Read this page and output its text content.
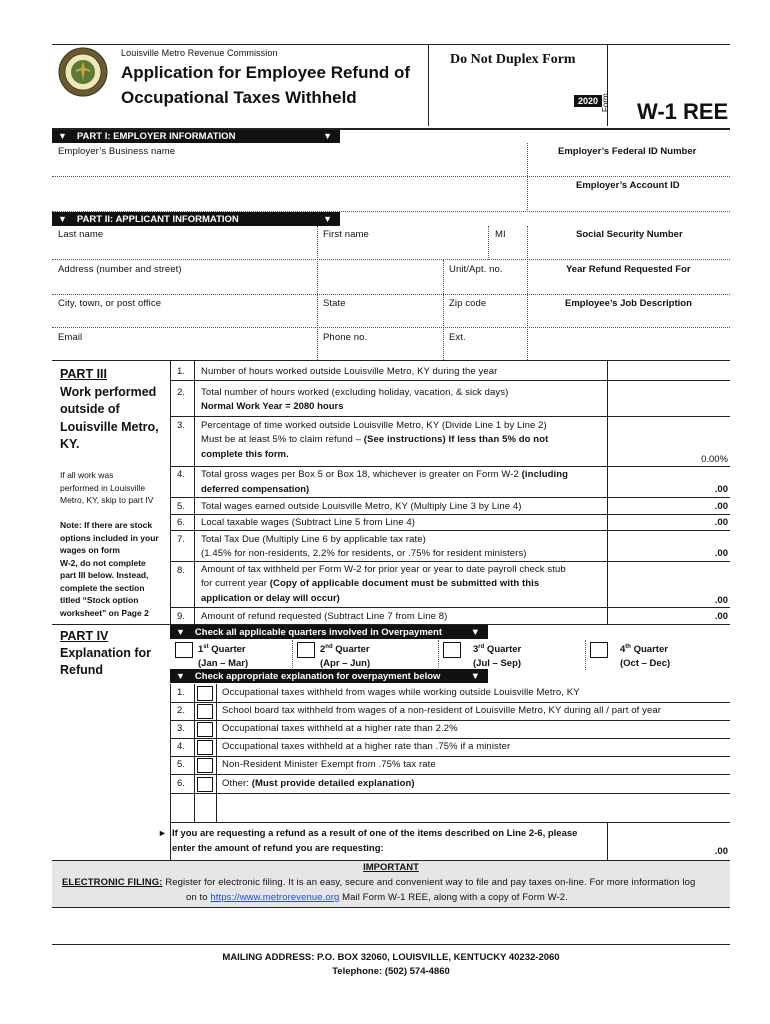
Louisville Metro Revenue Commission
Application for Employee Refund of
Occupational Taxes Withheld
Do Not Duplex Form
2020 Form W-1 REE
▼ PART I: EMPLOYER INFORMATION	▼
Employer’s Business name	Employer’s Federal ID Number
Employer’s Account ID
▼ PART II: APPLICANT INFORMATION	▼
Last name	First name	MI	Social Security Number
Address (number and street)	Unit/Apt. no.	Year Refund Requested For
City, town, or post office	State	Zip code	Employee’s Job Description
Email	Phone no.	Ext.
PART III
Work performed
outside of
Louisville Metro,
KY.
If all work was
performed in Louisville
Metro, KY, skip to part IV
Note: If there are stock
options included in your
wages on form
W-2, do not complete
part III below. Instead,
complete the section
titled “Stock option
worksheet” on Page 2
1. Number of hours worked outside Louisville Metro, KY during the year
2. Total number of hours worked (excluding holiday, vacation, & sick days)
Normal Work Year = 2080 hours
3. Percentage of time worked outside Louisville Metro, KY (Divide Line 1 by Line 2)
Must be at least 5% to claim refund – (See instructions) If less than 5% do not
complete this form.	0.00%
4. Total gross wages per Box 5 or Box 18, whichever is greater on Form W-2 (including
deferred compensation)	.00
5. Total wages earned outside Louisville Metro, KY (Multiply Line 3 by Line 4)	.00
6. Local taxable wages (Subtract Line 5 from Line 4)	.00
7. Total Tax Due (Multiply Line 6 by applicable tax rate)
(1.45% for non-residents, 2.2% for residents, or .75% for resident ministers)	.00
8. Amount of tax withheld per Form W-2 for prior year or year to date payroll check stub
for current year (Copy of applicable document must be submitted with this
application or delay will occur)	.00
9. Amount of refund requested (Subtract Line 7 from Line 8)	.00
PART IV
Explanation for
Refund
▼ Check all applicable quarters involved in Overpayment	▼
1st Quarter
(Jan – Mar)
2nd Quarter
(Apr – Jun)
3rd Quarter
(Jul – Sep)
4th Quarter
(Oct – Dec)
▼ Check appropriate explanation for overpayment below	▼
1.	Occupational taxes withheld from wages while working outside Louisville Metro, KY
2.	School board tax withheld from wages of a non-resident of Louisville Metro, KY during all / part of year
3.	Occupational taxes withheld at a higher rate than 2.2%
4.	Occupational taxes withheld at a higher rate than .75% if a minister
5.	Non-Resident Minister Exempt from .75% tax rate
6.	Other: (Must provide detailed explanation)
► If you are requesting a refund as a result of one of the items described on Line 2-6, please
enter the amount of refund you are requesting:	.00
IMPORTANT
ELECTRONIC FILING: Register for electronic filing. It is an easy, secure and convenient way to file and pay taxes on-line. For more information log
on to https://www.metrorevenue.org Mail Form W-1 REE, along with a copy of Form W-2.
MAILING ADDRESS: P.O. BOX 32060, LOUISVILLE, KENTUCKY 40232-2060
Telephone: (502) 574-4860
